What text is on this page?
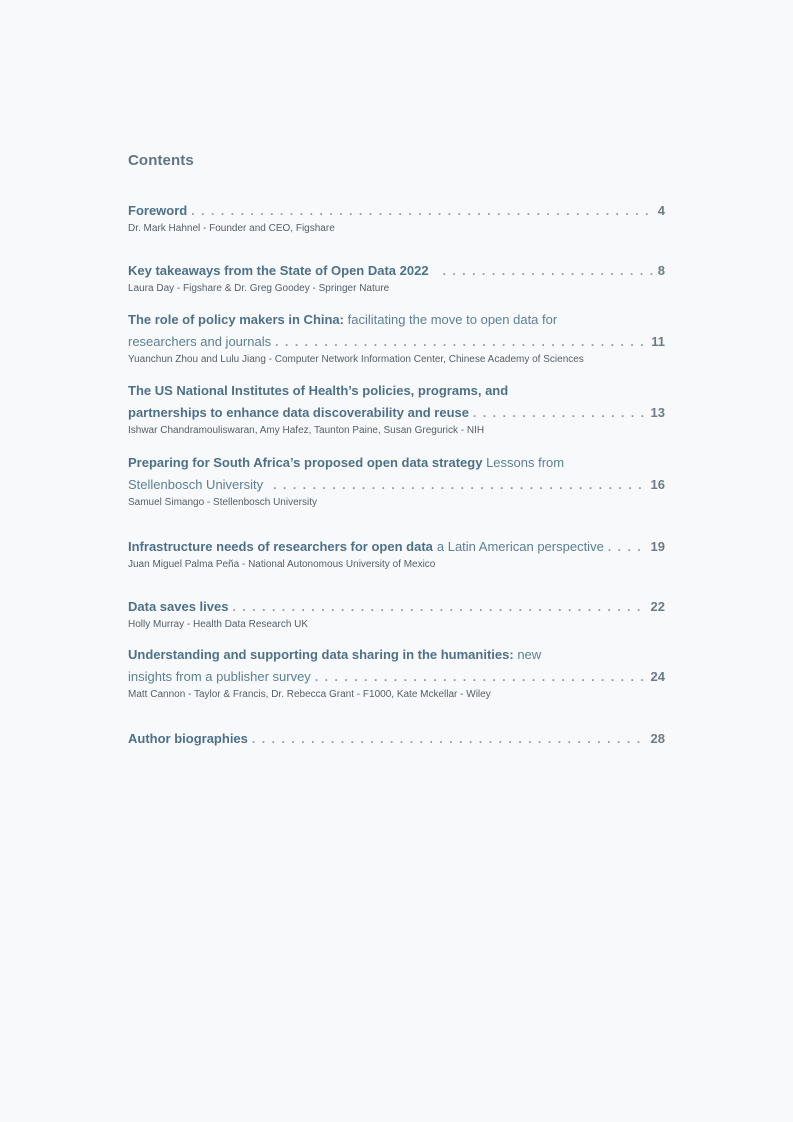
Contents
Foreword . . .	4
Dr. Mark Hahnel - Founder and CEO, Figshare
Key takeaways from the State of Open Data 2022 . . .	8
Laura Day - Figshare & Dr. Greg Goodey - Springer Nature
The role of policy makers in China: facilitating the move to open data for
researchers and journals . . .	11
Yuanchun Zhou and Lulu Jiang - Computer Network Information Center, Chinese Academy of Sciences
The US National Institutes of Health’s policies, programs, and
partnerships to enhance data discoverability and reuse . . .	13
Ishwar Chandramouliswaran, Amy Hafez, Taunton Paine, Susan Gregurick - NIH
Preparing for South Africa’s proposed open data strategy Lessons from
Stellenbosch University . . .	16
Samuel Simango - Stellenbosch University
Infrastructure needs of researchers for open data a Latin American perspective . . .	19
Juan Miguel Palma Peña - National Autonomous University of Mexico
Data saves lives . . .	22
Holly Murray - Health Data Research UK
Understanding and supporting data sharing in the humanities: new
insights from a publisher survey . . .	24
Matt Cannon - Taylor & Francis, Dr. Rebecca Grant - F1000, Kate Mckellar - Wiley
Author biographies . . .	28
